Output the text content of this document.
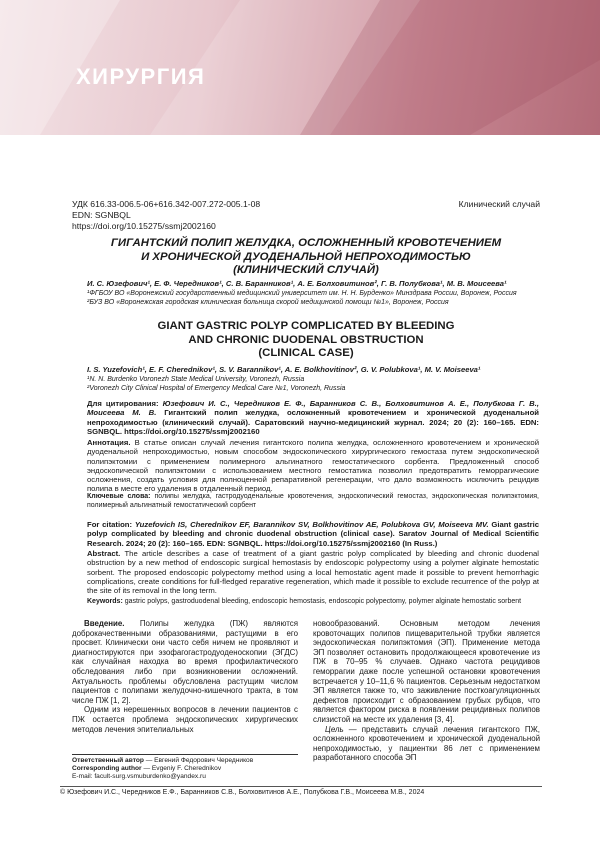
ХИРУРГИЯ
УДК 616.33-006.5-06+616.342-007.272-005.1-08
EDN: SGNBQL
https://doi.org/10.15275/ssmj2002160
Клинический случай
ГИГАНТСКИЙ ПОЛИП ЖЕЛУДКА, ОСЛОЖНЕННЫЙ КРОВОТЕЧЕНИЕМ
И ХРОНИЧЕСКОЙ ДУОДЕНАЛЬНОЙ НЕПРОХОДИМОСТЬЮ
(КЛИНИЧЕСКИЙ СЛУЧАЙ)
И. С. Юзефович¹, Е. Ф. Чередников¹, С. В. Баранников¹, А. Е. Болховитинов², Г. В. Полубкова¹, М. В. Моисеева¹

¹ФГБОУ ВО «Воронежский государственный медицинский университет им. Н. Н. Бурденко» Минздрава России, Воронеж, Россия

²БУЗ ВО «Воронежская городская клиническая больница скорой медицинской помощи №1», Воронеж, Россия

GIANT GASTRIC POLYP COMPLICATED BY BLEEDING
AND CHRONIC DUODENAL OBSTRUCTION
(CLINICAL CASE)
I. S. Yuzefovich¹, E. F. Cherednikov¹, S. V. Barannikov¹, A. E. Bolkhovitinov², G. V. Polubkova¹, M. V. Moiseeva¹

¹N. N. Burdenko Voronezh State Medical University, Voronezh, Russia

²Voronezh City Clinical Hospital of Emergency Medical Care №1, Voronezh, Russia

Для цитирования: Юзефович И. С., Чередников Е. Ф., Баранников С. В., Болховитинов А. Е., Полубкова Г. В., Моисеева М. В. Гигантский полип желудка, осложненный кровотечением и хронической дуоденальной непроходимостью (клинический случай). Саратовский научно-медицинский журнал. 2024; 20 (2): 160–165. EDN: SGNBQL. https://doi.org/10.15275/ssmj2002160
Аннотация. В статье описан случай лечения гигантского полипа желудка, осложненного кровотечением и хронической дуоденальной непроходимостью, новым способом эндоскопического хирургического гемостаза путем эндоскопической полипэктомии с применением полимерного альгинатного гемостатического сорбента. Предложенный способ эндоскопической полипэктомии с использованием местного гемостатика позволил предотвратить геморрагические осложнения, создать условия для полноценной репаративной регенерации, что дало возможность исключить рецидив полипа в месте его удаления в отдаленный период.
Ключевые слова: полипы желудка, гастродуоденальные кровотечения, эндоскопический гемостаз, эндоскопическая полипэктомия, полимерный альгинатный гемостатический сорбент
For citation: Yuzefovich IS, Cherednikov EF, Barannikov SV, Bolkhovitinov AE, Polubkova GV, Moiseeva MV. Giant gastric polyp complicated by bleeding and chronic duodenal obstruction (clinical case). Saratov Journal of Medical Scientific Research. 2024; 20 (2): 160–165. EDN: SGNBQL. https://doi.org/10.15275/ssmj2002160 (In Russ.)
Abstract. The article describes a case of treatment of a giant gastric polyp complicated by bleeding and chronic duodenal obstruction by a new method of endoscopic surgical hemostasis by endoscopic polypectomy using a polymer alginate hemostatic sorbent. The proposed endoscopic polypectomy method using a local hemostatic agent made it possible to prevent hemorrhagic complications, create conditions for full-fledged reparative regeneration, which made it possible to exclude recurrence of the polyp at the site of its removal in the long term.
Keywords: gastric polyps, gastroduodenal bleeding, endoscopic hemostasis, endoscopic polypectomy, polymer alginate hemostatic sorbent

Введение. Полипы желудка (ПЖ) являются доброкачественными образованиями, растущими в его просвет. Клинически они часто себя ничем не проявляют и диагностируются при эзофагогастродуоденоскопии (ЭГДС) как случайная находка во время профилактического обследования либо при возникновении осложнений. Актуальность проблемы обусловлена растущим числом пациентов с полипами желудочно-кишечного тракта, в том числе ПЖ [1, 2].

Одним из нерешенных вопросов в лечении пациентов с ПЖ остается проблема эндоскопических хирургических методов лечения эпителиальных

новообразований. Основным методом лечения кровоточащих полипов пищеварительной трубки является эндоскопическая полипэктомия (ЭП). Применение метода ЭП позволяет остановить продолжающееся кровотечение из ПЖ в 70–95 % случаев. Однако частота рецидивов геморрагии даже после успешной остановки кровотечения встречается у 10–11,6 % пациентов. Серьезным недостатком ЭП является также то, что заживление посткоагуляционных дефектов происходит с образованием грубых рубцов, что является фактором риска в появлении рецидивных полипов слизистой на месте их удаления [3, 4].

Цель — представить случай лечения гигантского ПЖ, осложненного кровотечением и хронической дуоденальной непроходимостью, у пациентки 86 лет с применением разработанного способа ЭП

Ответственный автор — Евгений Федорович Чередников
Corresponding author — Evgeniy F. Cherednikov
E-mail: facult-surg.vsmuburdenko@yandex.ru
© Юзефович И.С., Чередников Е.Ф., Баранников С.В., Болховитинов А.Е., Полубкова Г.В., Моисеева М.В., 2024
